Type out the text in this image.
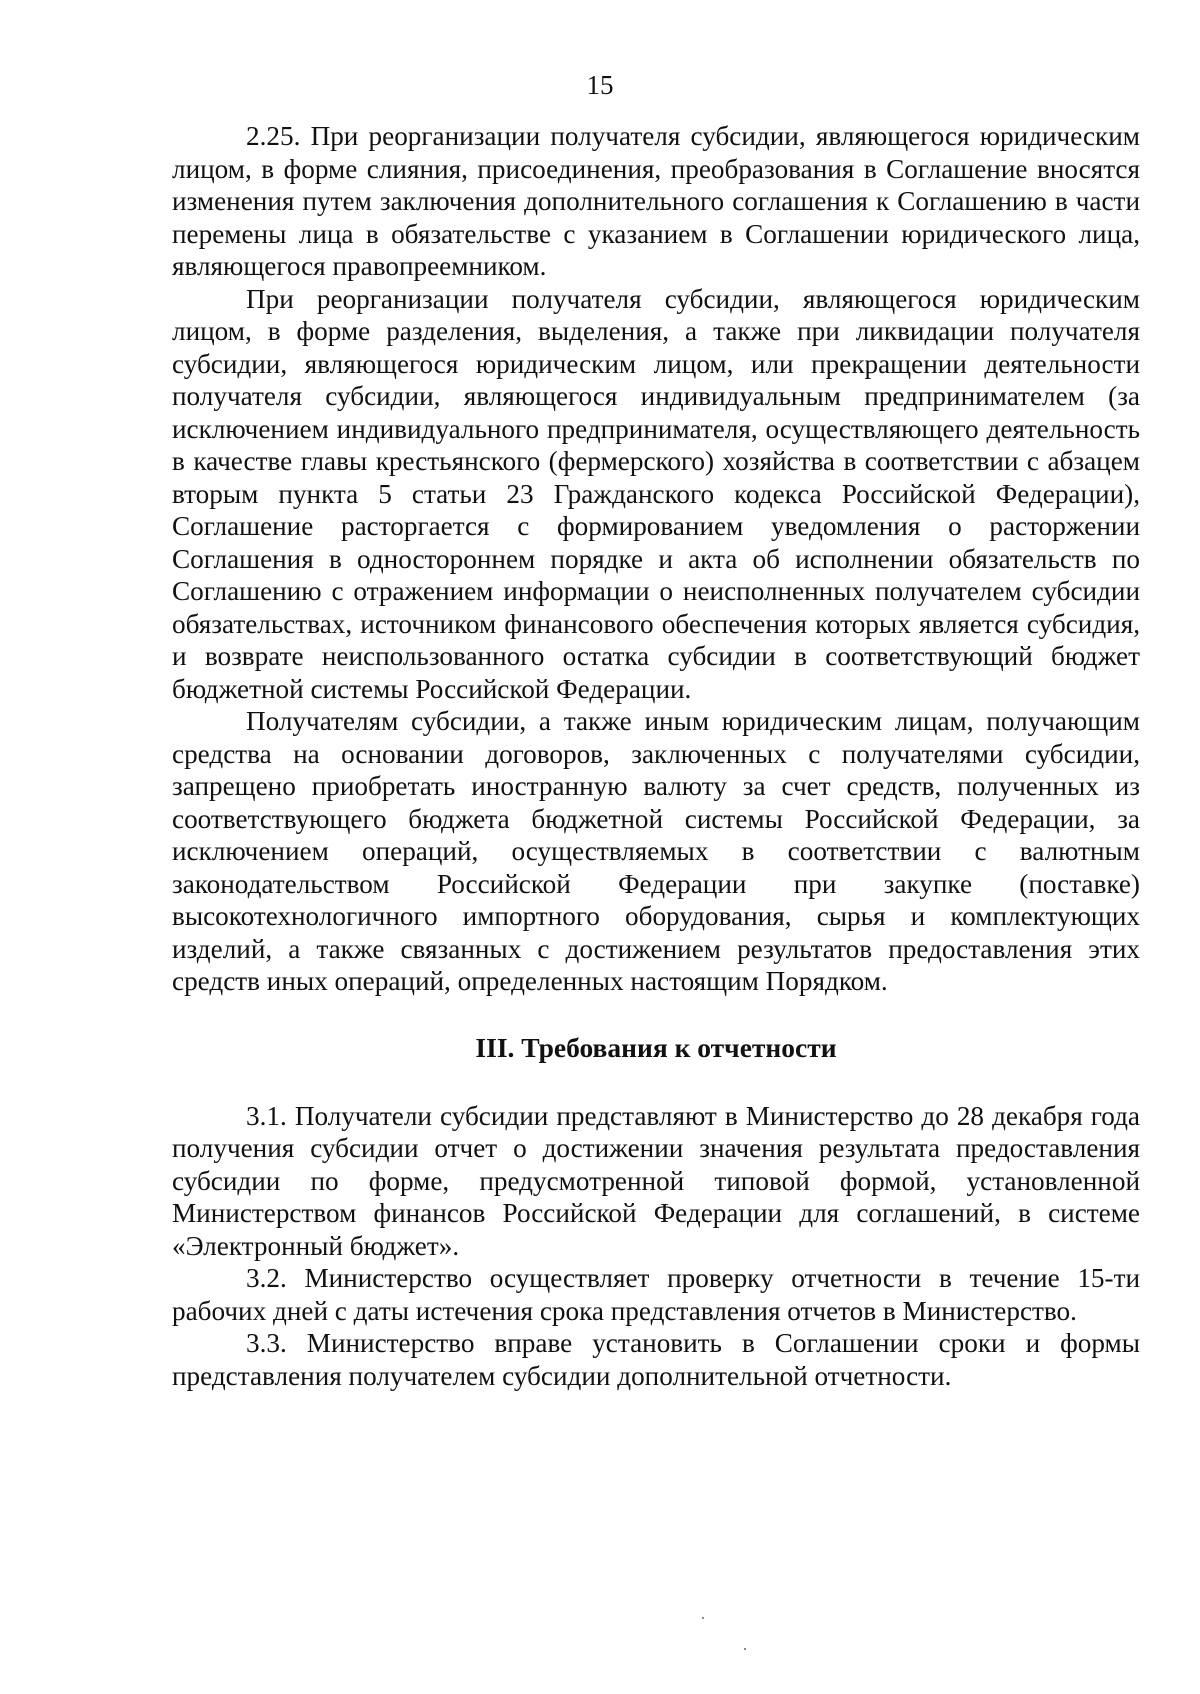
15

2.25. При реорганизации получателя субсидии, являющегося юридическим лицом, в форме слияния, присоединения, преобразования в Соглашение вносятся изменения путем заключения дополнительного соглашения к Соглашению в части перемены лица в обязательстве с указанием в Соглашении юридического лица, являющегося правопреемником.

При реорганизации получателя субсидии, являющегося юридическим лицом, в форме разделения, выделения, а также при ликвидации получателя субсидии, являющегося юридическим лицом, или прекращении деятельности получателя субсидии, являющегося индивидуальным предпринимателем (за исключением индивидуального предпринимателя, осуществляющего деятельность в качестве главы крестьянского (фермерского) хозяйства в соответствии с абзацем вторым пункта 5 статьи 23 Гражданского кодекса Российской Федерации), Соглашение расторгается с формированием уведомления о расторжении Соглашения в одностороннем порядке и акта об исполнении обязательств по Соглашению с отражением информации о неисполненных получателем субсидии обязательствах, источником финансового обеспечения которых является субсидия, и возврате неиспользованного остатка субсидии в соответствующий бюджет бюджетной системы Российской Федерации.

Получателям субсидии, а также иным юридическим лицам, получающим средства на основании договоров, заключенных с получателями субсидии, запрещено приобретать иностранную валюту за счет средств, полученных из соответствующего бюджета бюджетной системы Российской Федерации, за исключением операций, осуществляемых в соответствии с валютным законодательством Российской Федерации при закупке (поставке) высокотехнологичного импортного оборудования, сырья и комплектующих изделий, а также связанных с достижением результатов предоставления этих средств иных операций, определенных настоящим Порядком.

III. Требования к отчетности

3.1. Получатели субсидии представляют в Министерство до 28 декабря года получения субсидии отчет о достижении значения результата предоставления субсидии по форме, предусмотренной типовой формой, установленной Министерством финансов Российской Федерации для соглашений, в системе «Электронный бюджет».

3.2. Министерство осуществляет проверку отчетности в течение 15-ти рабочих дней с даты истечения срока представления отчетов в Министерство.

3.3. Министерство вправе установить в Соглашении сроки и формы представления получателем субсидии дополнительной отчетности.
